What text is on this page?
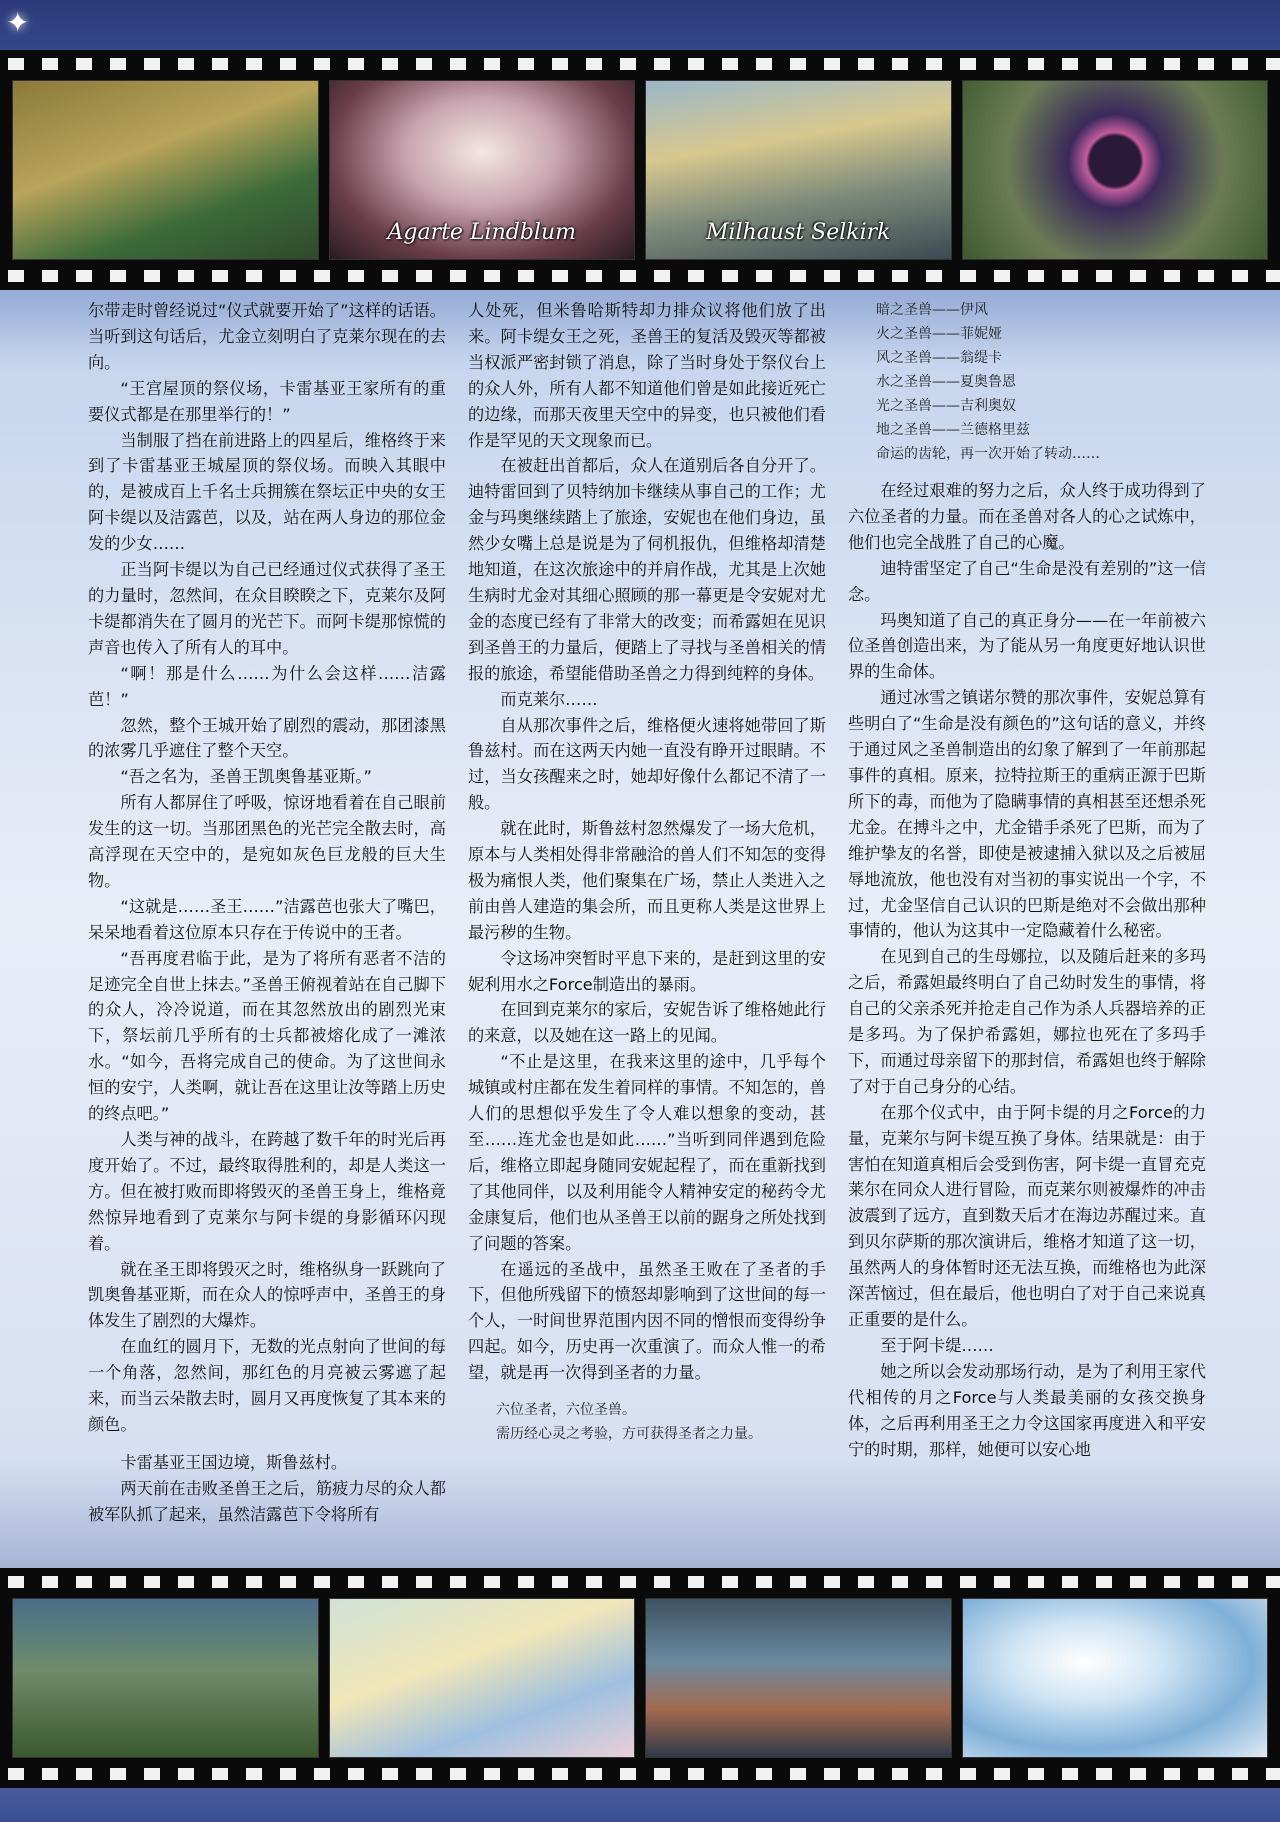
✦
Agarte Lindblum	Milhaust Selkirk

尔带走时曾经说过“仪式就要开始了”这样的话语。当听到这句话后，尤金立刻明白了克莱尔现在的去向。

“王宫屋顶的祭仪场，卡雷基亚王家所有的重要仪式都是在那里举行的！”

当制服了挡在前进路上的四星后，维格终于来到了卡雷基亚王城屋顶的祭仪场。而映入其眼中的，是被成百上千名士兵拥簇在祭坛正中央的女王阿卡缇以及洁露芭，以及，站在两人身边的那位金发的少女……

正当阿卡缇以为自己已经通过仪式获得了圣王的力量时，忽然间，在众目睽睽之下，克莱尔及阿卡缇都消失在了圆月的光芒下。而阿卡缇那惊慌的声音也传入了所有人的耳中。

“啊！那是什么……为什么会这样……洁露芭！”

忽然，整个王城开始了剧烈的震动，那团漆黑的浓雾几乎遮住了整个天空。

“吾之名为，圣兽王凯奥鲁基亚斯。”

所有人都屏住了呼吸，惊讶地看着在自己眼前发生的这一切。当那团黑色的光芒完全散去时，高高浮现在天空中的，是宛如灰色巨龙般的巨大生物。

“这就是……圣王……”洁露芭也张大了嘴巴，呆呆地看着这位原本只存在于传说中的王者。

“吾再度君临于此，是为了将所有恶者不洁的足迹完全自世上抹去。”圣兽王俯视着站在自己脚下的众人，冷冷说道，而在其忽然放出的剧烈光束下，祭坛前几乎所有的士兵都被熔化成了一滩浓水。“如今，吾将完成自己的使命。为了这世间永恒的安宁，人类啊，就让吾在这里让汝等踏上历史的终点吧。”

人类与神的战斗，在跨越了数千年的时光后再度开始了。不过，最终取得胜利的，却是人类这一方。但在被打败而即将毁灭的圣兽王身上，维格竟然惊异地看到了克莱尔与阿卡缇的身影循环闪现着。

就在圣王即将毁灭之时，维格纵身一跃跳向了凯奥鲁基亚斯，而在众人的惊呼声中，圣兽王的身体发生了剧烈的大爆炸。

在血红的圆月下，无数的光点射向了世间的每一个角落，忽然间，那红色的月亮被云雾遮了起来，而当云朵散去时，圆月又再度恢复了其本来的颜色。

卡雷基亚王国边境，斯鲁兹村。

两天前在击败圣兽王之后，筋疲力尽的众人都被军队抓了起来，虽然洁露芭下令将所有

人处死，但米鲁哈斯特却力排众议将他们放了出来。阿卡缇女王之死，圣兽王的复活及毁灭等都被当权派严密封锁了消息，除了当时身处于祭仪台上的众人外，所有人都不知道他们曾是如此接近死亡的边缘，而那天夜里天空中的异变，也只被他们看作是罕见的天文现象而已。

在被赶出首都后，众人在道别后各自分开了。迪特雷回到了贝特纳加卡继续从事自己的工作；尤金与玛奥继续踏上了旅途，安妮也在他们身边，虽然少女嘴上总是说是为了伺机报仇，但维格却清楚地知道，在这次旅途中的并肩作战，尤其是上次她生病时尤金对其细心照顾的那一幕更是令安妮对尤金的态度已经有了非常大的改变；而希露妲在见识到圣兽王的力量后，便踏上了寻找与圣兽相关的情报的旅途，希望能借助圣兽之力得到纯粹的身体。

而克莱尔……

自从那次事件之后，维格便火速将她带回了斯鲁兹村。而在这两天内她一直没有睁开过眼睛。不过，当女孩醒来之时，她却好像什么都记不清了一般。

就在此时，斯鲁兹村忽然爆发了一场大危机，原本与人类相处得非常融洽的兽人们不知怎的变得极为痛恨人类，他们聚集在广场，禁止人类进入之前由兽人建造的集会所，而且更称人类是这世界上最污秽的生物。

令这场冲突暂时平息下来的，是赶到这里的安妮利用水之Force制造出的暴雨。

在回到克莱尔的家后，安妮告诉了维格她此行的来意，以及她在这一路上的见闻。

“不止是这里，在我来这里的途中，几乎每个城镇或村庄都在发生着同样的事情。不知怎的，兽人们的思想似乎发生了令人难以想象的变动，甚至……连尤金也是如此……”当听到同伴遇到危险后，维格立即起身随同安妮起程了，而在重新找到了其他同伴，以及利用能令人精神安定的秘药令尤金康复后，他们也从圣兽王以前的踞身之所处找到了问题的答案。

在遥远的圣战中，虽然圣王败在了圣者的手下，但他所残留下的愤怒却影响到了这世间的每一个人，一时间世界范围内因不同的憎恨而变得纷争四起。如今，历史再一次重演了。而众人惟一的希望，就是再一次得到圣者的力量。

六位圣者，六位圣兽。

需历经心灵之考验，方可获得圣者之力量。

暗之圣兽——伊风

火之圣兽——菲妮娅

风之圣兽——翁缇卡

水之圣兽——夏奥鲁恩

光之圣兽——吉利奥奴

地之圣兽——兰德格里兹

命运的齿轮，再一次开始了转动……

在经过艰难的努力之后，众人终于成功得到了六位圣者的力量。而在圣兽对各人的心之试炼中，他们也完全战胜了自己的心魔。

迪特雷坚定了自己“生命是没有差别的”这一信念。

玛奥知道了自己的真正身分——在一年前被六位圣兽创造出来，为了能从另一角度更好地认识世界的生命体。

通过冰雪之镇诺尔赞的那次事件，安妮总算有些明白了“生命是没有颜色的”这句话的意义，并终于通过风之圣兽制造出的幻象了解到了一年前那起事件的真相。原来，拉特拉斯王的重病正源于巴斯所下的毒，而他为了隐瞒事情的真相甚至还想杀死尤金。在搏斗之中，尤金错手杀死了巴斯，而为了维护挚友的名誉，即使是被逮捕入狱以及之后被屈辱地流放，他也没有对当初的事实说出一个字，不过，尤金坚信自己认识的巴斯是绝对不会做出那种事情的，他认为这其中一定隐藏着什么秘密。

在见到自己的生母娜拉，以及随后赶来的多玛之后，希露妲最终明白了自己幼时发生的事情，将自己的父亲杀死并抢走自己作为杀人兵器培养的正是多玛。为了保护希露妲，娜拉也死在了多玛手下，而通过母亲留下的那封信，希露妲也终于解除了对于自己身分的心结。

在那个仪式中，由于阿卡缇的月之Force的力量，克莱尔与阿卡缇互换了身体。结果就是：由于害怕在知道真相后会受到伤害，阿卡缇一直冒充克莱尔在同众人进行冒险，而克莱尔则被爆炸的冲击波震到了远方，直到数天后才在海边苏醒过来。直到贝尔萨斯的那次演讲后，维格才知道了这一切，虽然两人的身体暂时还无法互换，而维格也为此深深苦恼过，但在最后，他也明白了对于自己来说真正重要的是什么。

至于阿卡缇……

她之所以会发动那场行动，是为了利用王家代代相传的月之Force与人类最美丽的女孩交换身体，之后再利用圣王之力令这国家再度进入和平安宁的时期，那样，她便可以安心地
